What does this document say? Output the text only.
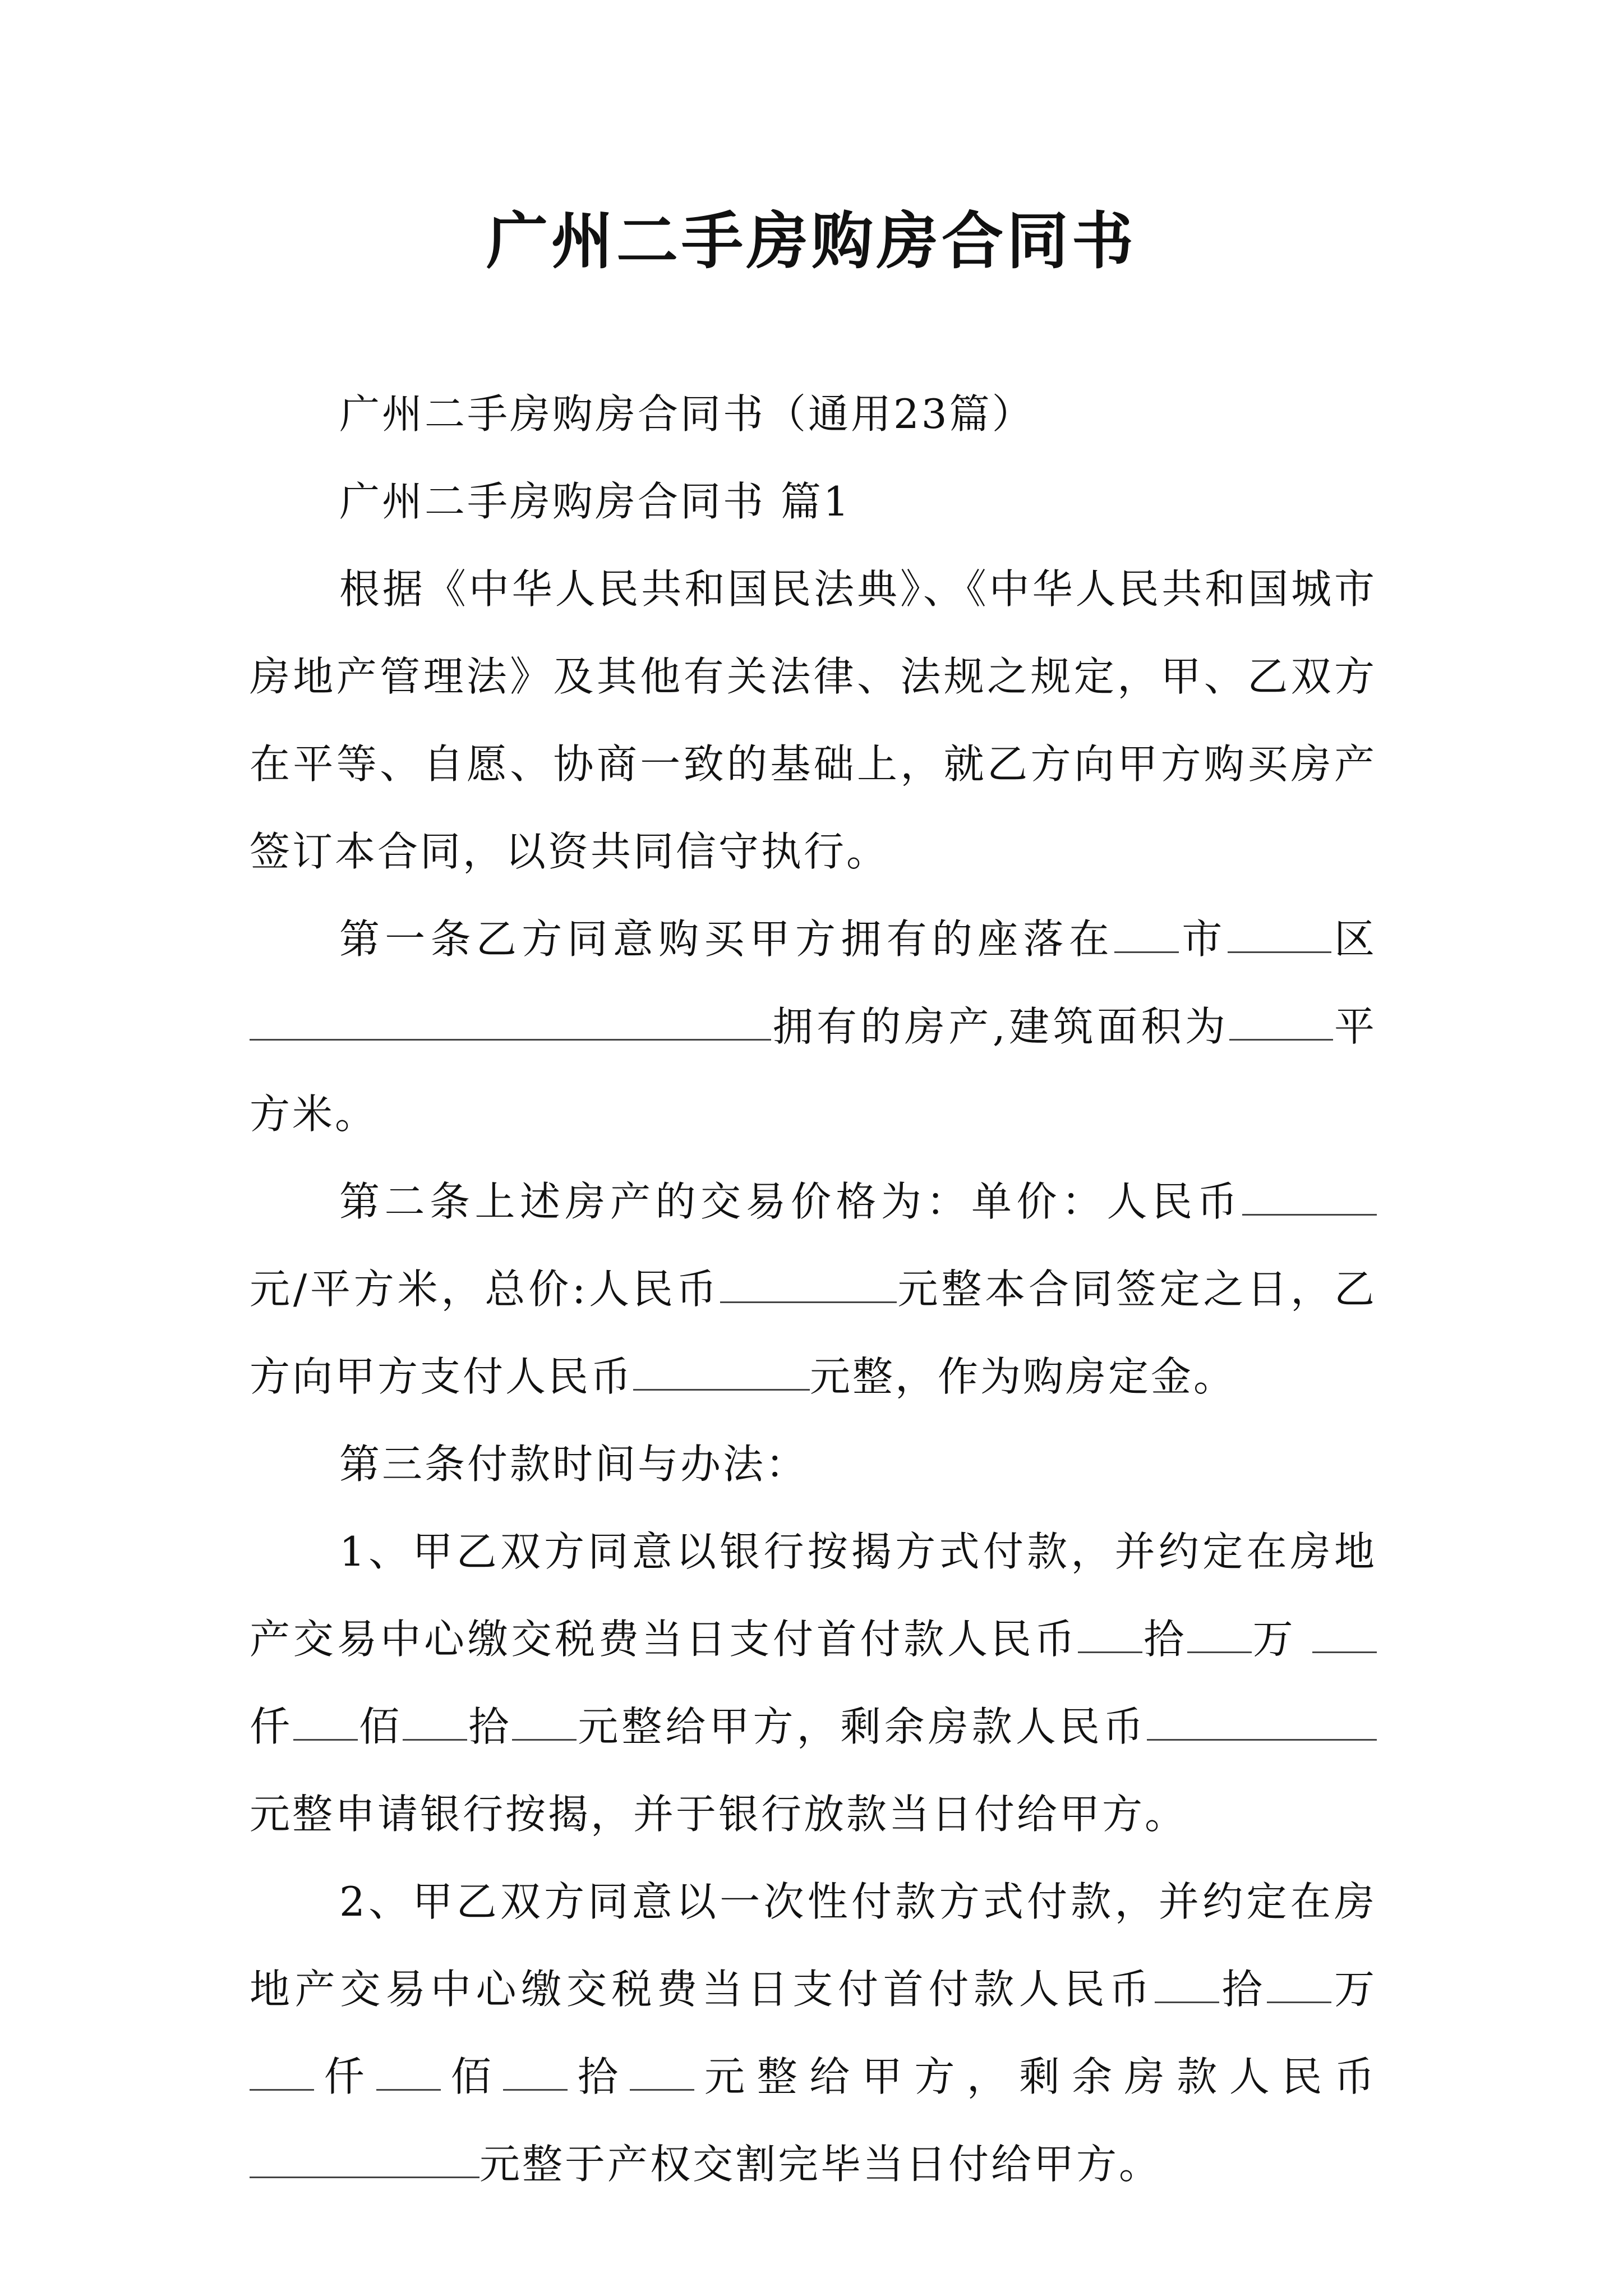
广州二手房购房合同书

广州二手房购房合同书（通用23篇）

广州二手房购房合同书 篇1

根据《中华人民共和国民法典》、《中华人民共和国城市房地产管理法》及其他有关法律、法规之规定，甲、乙双方在平等、自愿、协商一致的基础上，就乙方向甲方购买房产签订本合同，以资共同信守执行。

第一条乙方同意购买甲方拥有的座落在 市	区拥有的房产,建筑面积为	平方米。

第二条上述房产的交易价格为：单价：人民币元/平方米，总价:人民币	元整本合同签定之日，乙方向甲方支付人民币	元整，作为购房定金。

第三条付款时间与办法：

1、甲乙双方同意以银行按揭方式付款，并约定在房地产交易中心缴交税费当日支付首付款人民币 拾 万 仟 佰 拾 元整给甲方，剩余房款人民币元整申请银行按揭，并于银行放款当日付给甲方。

2、甲乙双方同意以一次性付款方式付款，并约定在房地产交易中心缴交税费当日支付首付款人民币 拾 万 仟 佰 拾 元整给甲方，剩余房款人民币元整于产权交割完毕当日付给甲方。
